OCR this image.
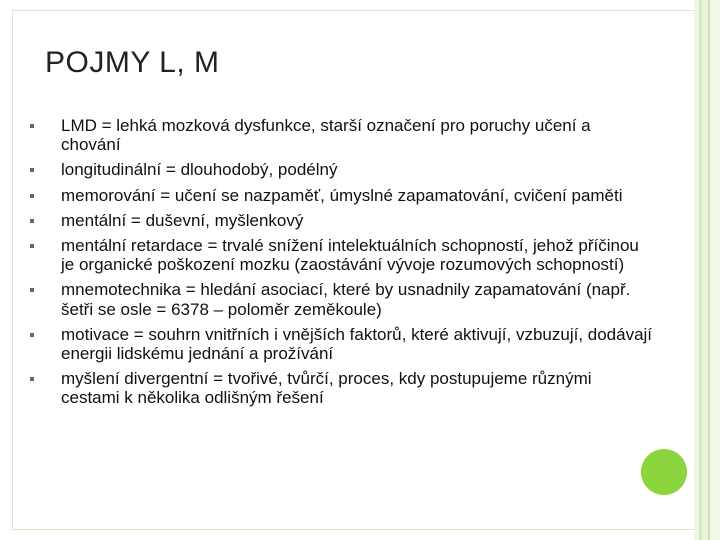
POJMY L, M
LMD = lehká mozková dysfunkce, starší označení pro poruchy učení a chování
longitudinální = dlouhodobý, podélný
memorování = učení se nazpaměť, úmyslné zapamatování, cvičení paměti
mentální = duševní, myšlenkový
mentální retardace = trvalé snížení intelektuálních schopností, jehož příčinou je organické poškození mozku (zaostávání vývoje rozumových schopností)
mnemotechnika = hledání asociací, které by usnadnily zapamatování (např. šetři se osle = 6378 – poloměr zeměkoule)
motivace = souhrn vnitřních i vnějších faktorů, které aktivují, vzbuzují, dodávají energii lidskému jednání a prožívání
myšlení divergentní = tvořivé, tvůrčí, proces, kdy postupujeme různými cestami k několika odlišným řešení
